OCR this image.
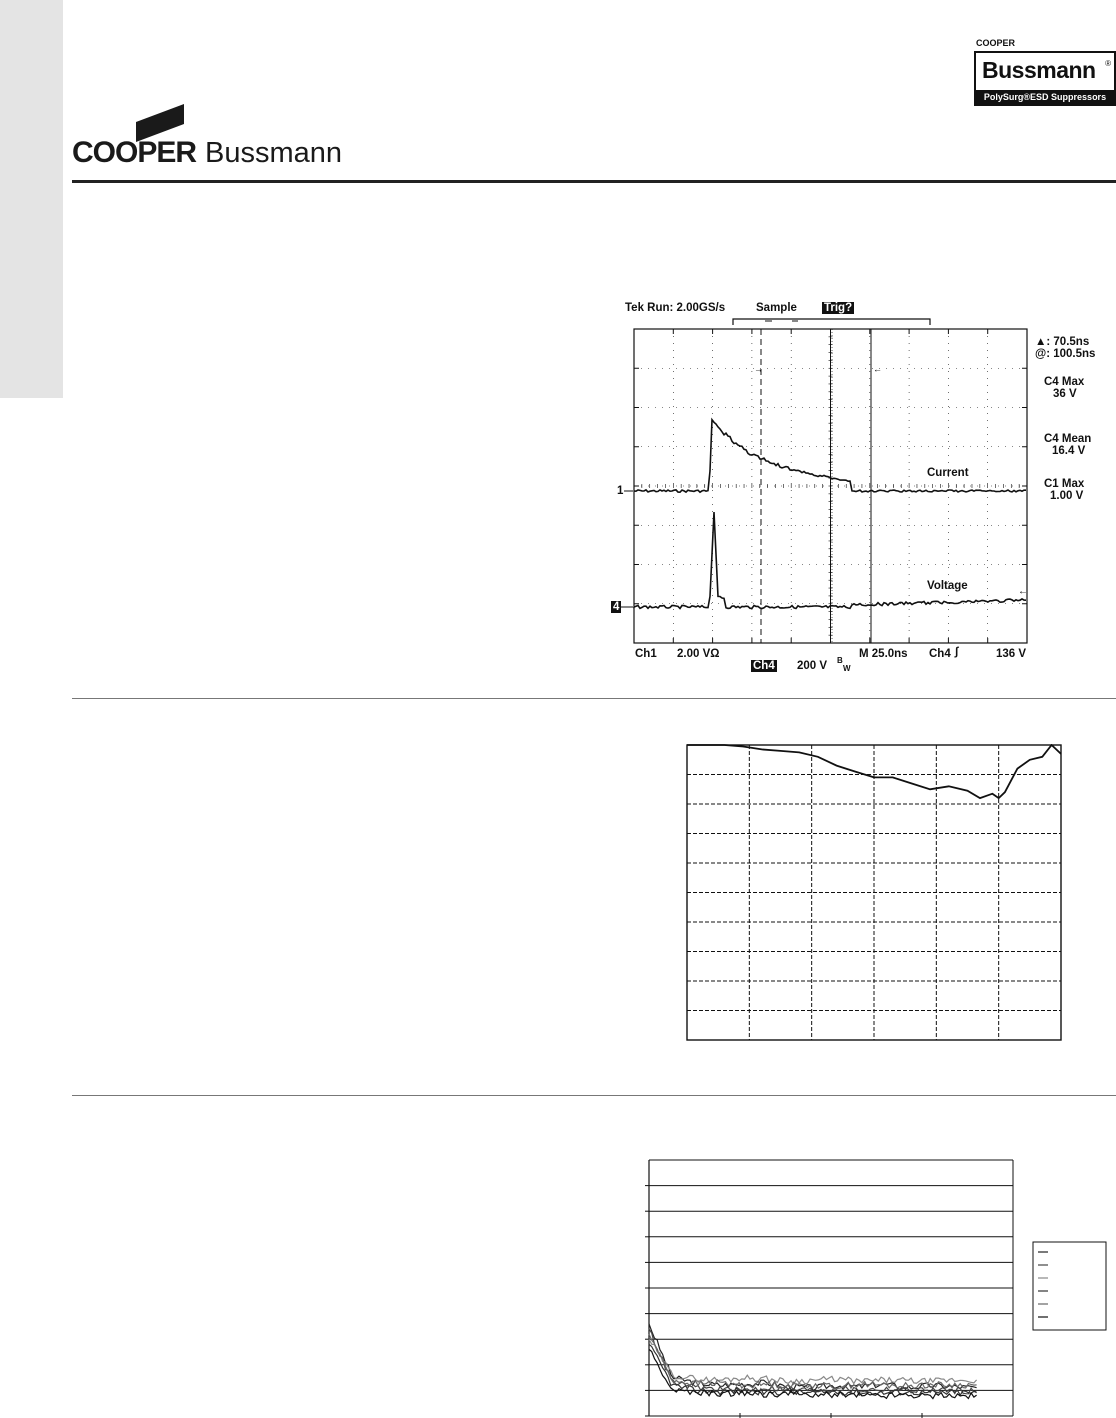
COOPER Bussmann
COOPER
Bussmann ®
PolySurg®ESD Suppressors
Tek Run: 2.00GS/s	Sample Trig?
▲: 70.5ns
@: 100.5ns
C4 Max
36 V
C4 Mean
16.4 V
C1 Max
1.00 V
Current
Voltage
1
4
Ch1 2.00 VΩ
Ch4 200 V B
W
M 25.0ns Ch4 ∫	136 V
→	←
←
